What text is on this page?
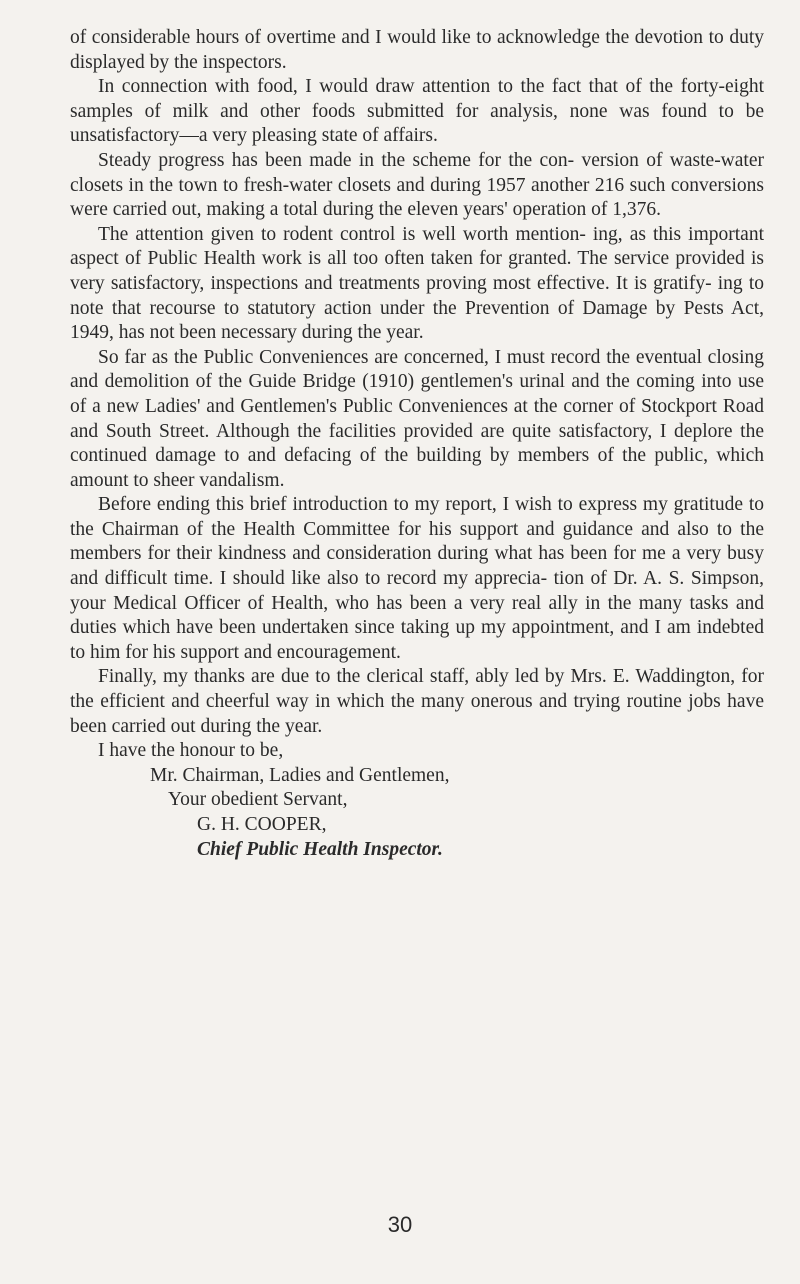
of considerable hours of overtime and I would like to acknowledge the devotion to duty displayed by the inspectors.

In connection with food, I would draw attention to the fact that of the forty-eight samples of milk and other foods submitted for analysis, none was found to be unsatisfactory—a very pleasing state of affairs.

Steady progress has been made in the scheme for the con- version of waste-water closets in the town to fresh-water closets and during 1957 another 216 such conversions were carried out, making a total during the eleven years' operation of 1,376.

The attention given to rodent control is well worth mention- ing, as this important aspect of Public Health work is all too often taken for granted. The service provided is very satisfactory, inspections and treatments proving most effective. It is gratify- ing to note that recourse to statutory action under the Prevention of Damage by Pests Act, 1949, has not been necessary during the year.

So far as the Public Conveniences are concerned, I must record the eventual closing and demolition of the Guide Bridge (1910) gentlemen's urinal and the coming into use of a new Ladies' and Gentlemen's Public Conveniences at the corner of Stockport Road and South Street. Although the facilities provided are quite satisfactory, I deplore the continued damage to and defacing of the building by members of the public, which amount to sheer vandalism.

Before ending this brief introduction to my report, I wish to express my gratitude to the Chairman of the Health Committee for his support and guidance and also to the members for their kindness and consideration during what has been for me a very busy and difficult time. I should like also to record my apprecia- tion of Dr. A. S. Simpson, your Medical Officer of Health, who has been a very real ally in the many tasks and duties which have been undertaken since taking up my appointment, and I am indebted to him for his support and encouragement.

Finally, my thanks are due to the clerical staff, ably led by Mrs. E. Waddington, for the efficient and cheerful way in which the many onerous and trying routine jobs have been carried out during the year.

I have the honour to be,
Mr. Chairman, Ladies and Gentlemen,
Your obedient Servant,
G. H. COOPER,
Chief Public Health Inspector.
30
